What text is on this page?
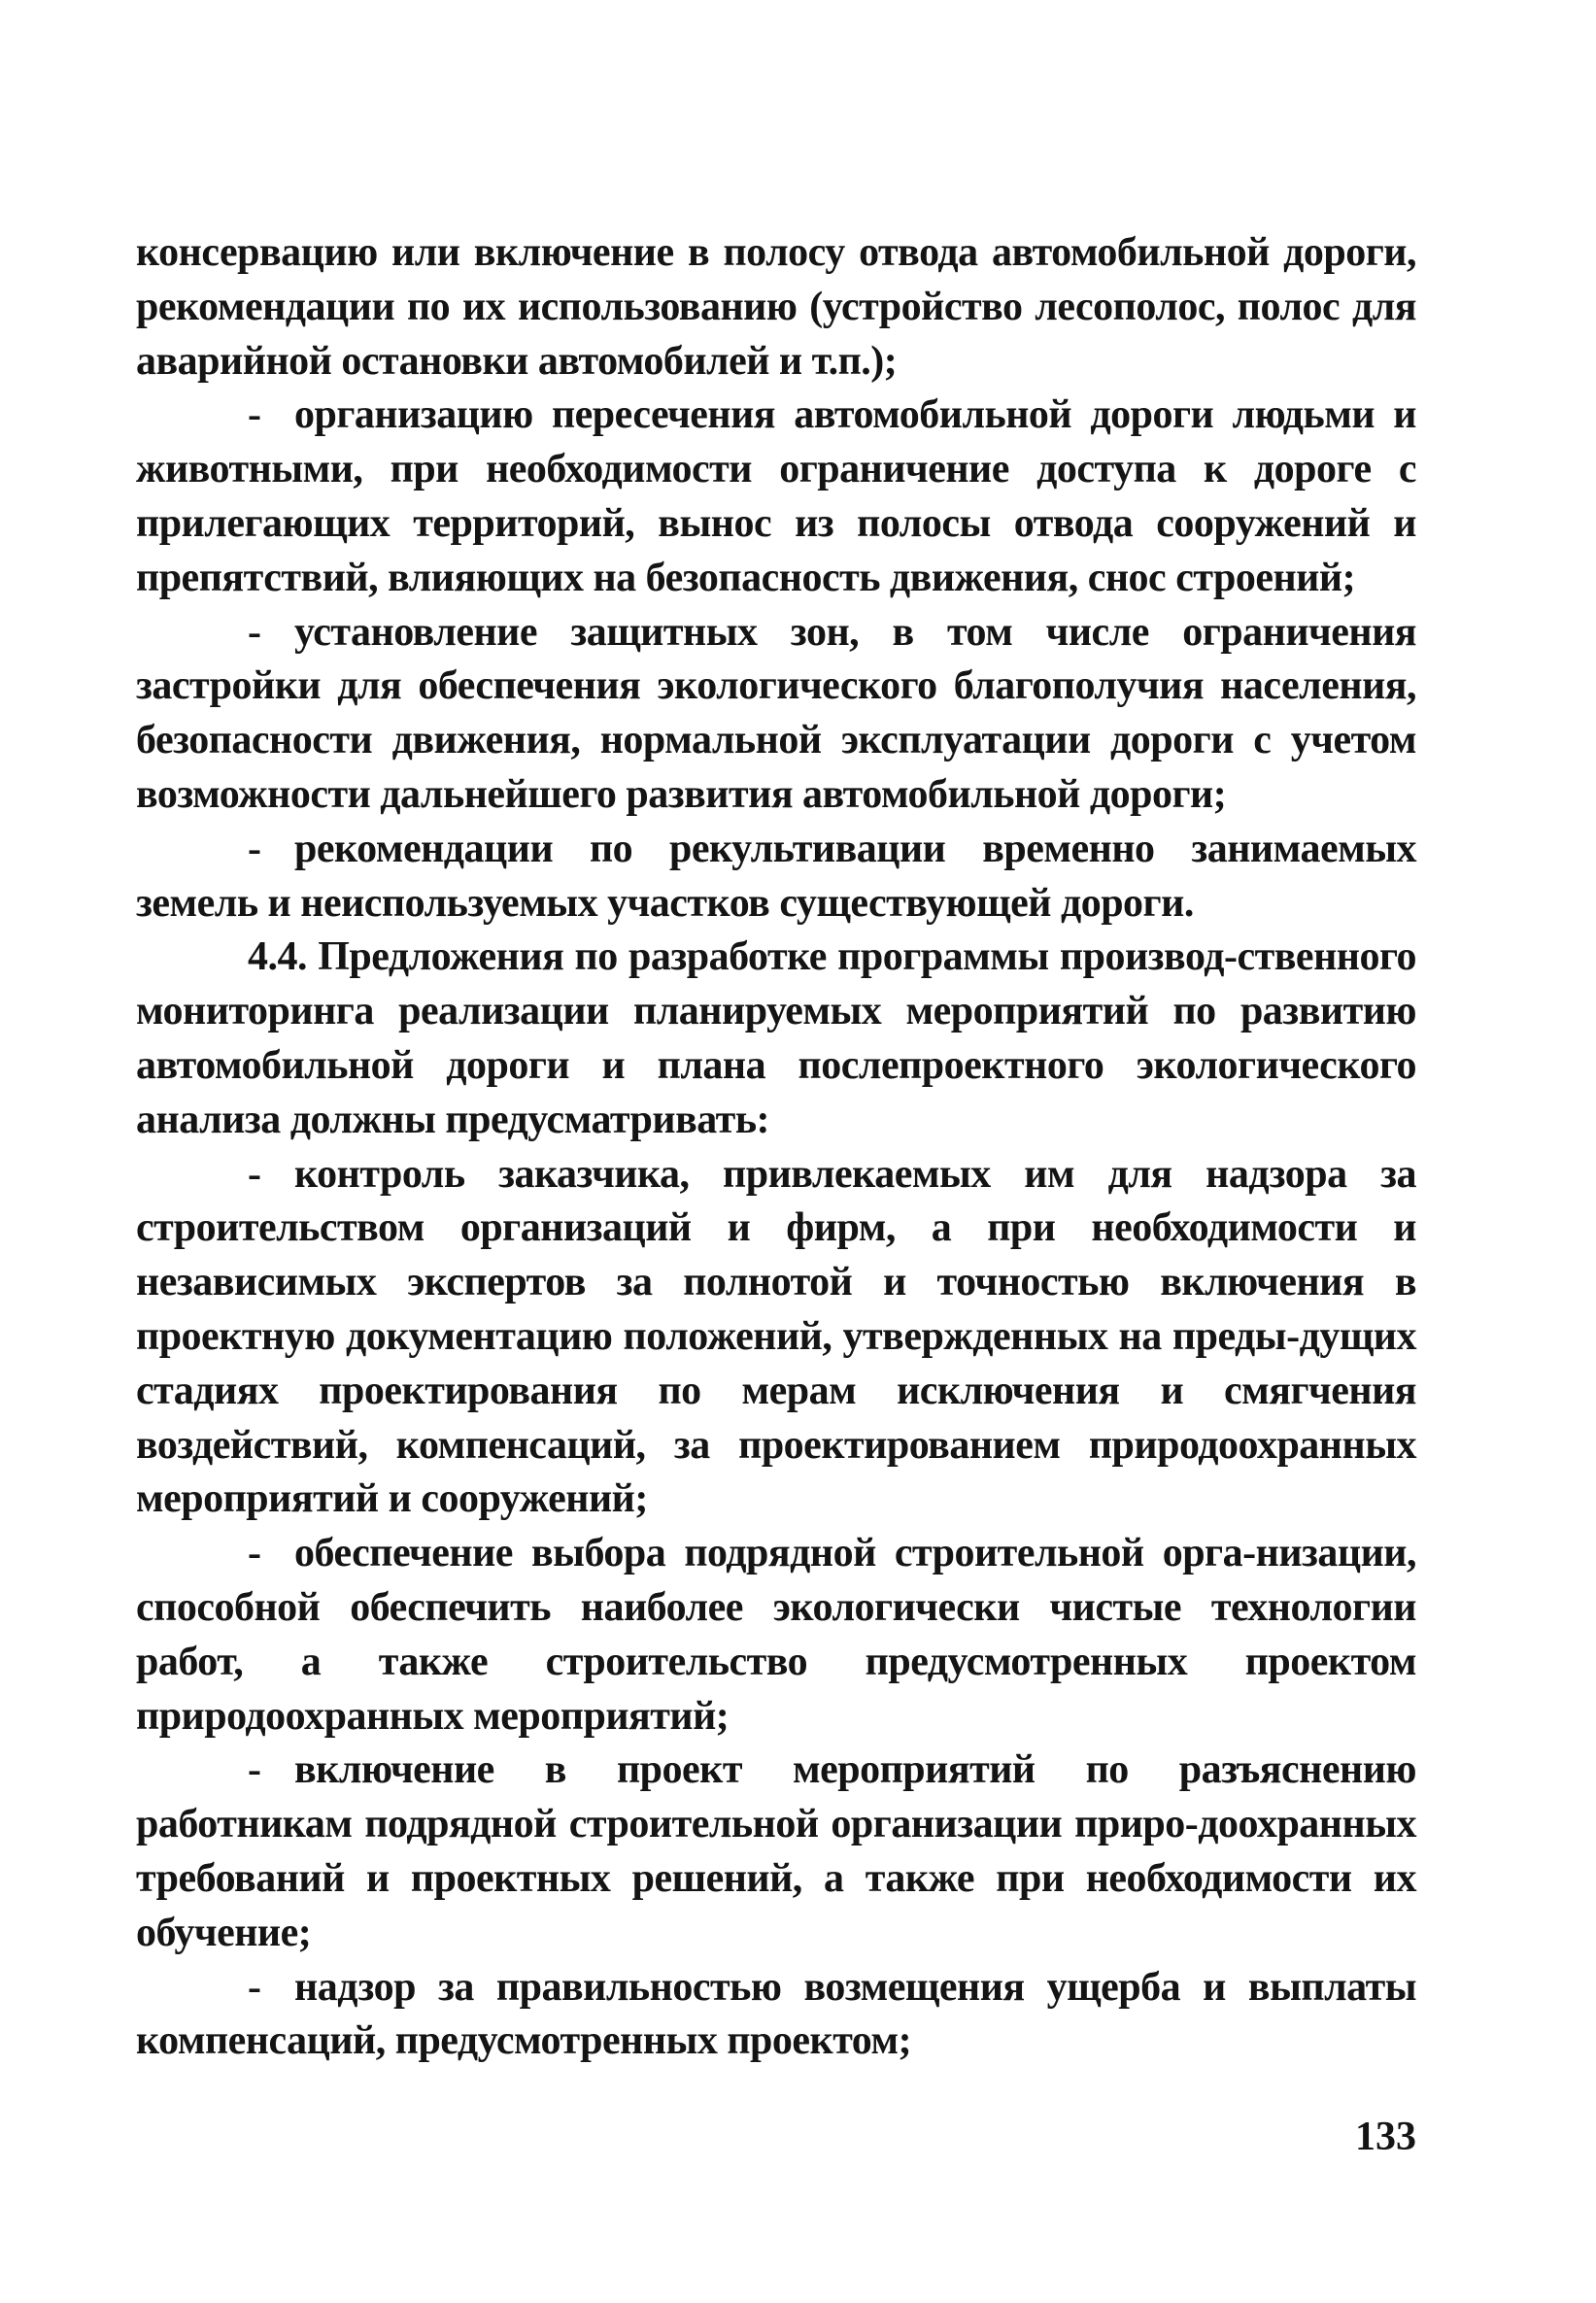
консервацию или включение в полосу отвода автомобильной дороги, рекомендации по их использованию (устройство лесополос, полос для аварийной остановки автомобилей и т.п.);

- организацию пересечения автомобильной дороги людьми и животными, при необходимости ограничение доступа к дороге с прилегающих территорий, вынос из полосы отвода сооружений и препятствий, влияющих на безопасность движения, снос строений;

- установление защитных зон, в том числе ограничения застройки для обеспечения экологического благополучия населения, безопасности движения, нормальной эксплуатации дороги с учетом возможности дальнейшего развития автомобильной дороги;

- рекомендации по рекультивации временно занимаемых земель и неиспользуемых участков существующей дороги.

4.4. Предложения по разработке программы производ-ственного мониторинга реализации планируемых мероприятий по развитию автомобильной дороги и плана послепроектного экологического анализа должны предусматривать:

- контроль заказчика, привлекаемых им для надзора за строительством организаций и фирм, а при необходимости и независимых экспертов за полнотой и точностью включения в проектную документацию положений, утвержденных на преды-дущих стадиях проектирования по мерам исключения и смягчения воздействий, компенсаций, за проектированием природоохранных мероприятий и сооружений;

- обеспечение выбора подрядной строительной орга-низации, способной обеспечить наиболее экологически чистые технологии работ, а также строительство предусмотренных проектом природоохранных мероприятий;

- включение в проект мероприятий по разъяснению работникам подрядной строительной организации приро-доохранных требований и проектных решений, а также при необходимости их обучение;

- надзор за правильностью возмещения ущерба и выплаты компенсаций, предусмотренных проектом;

133
